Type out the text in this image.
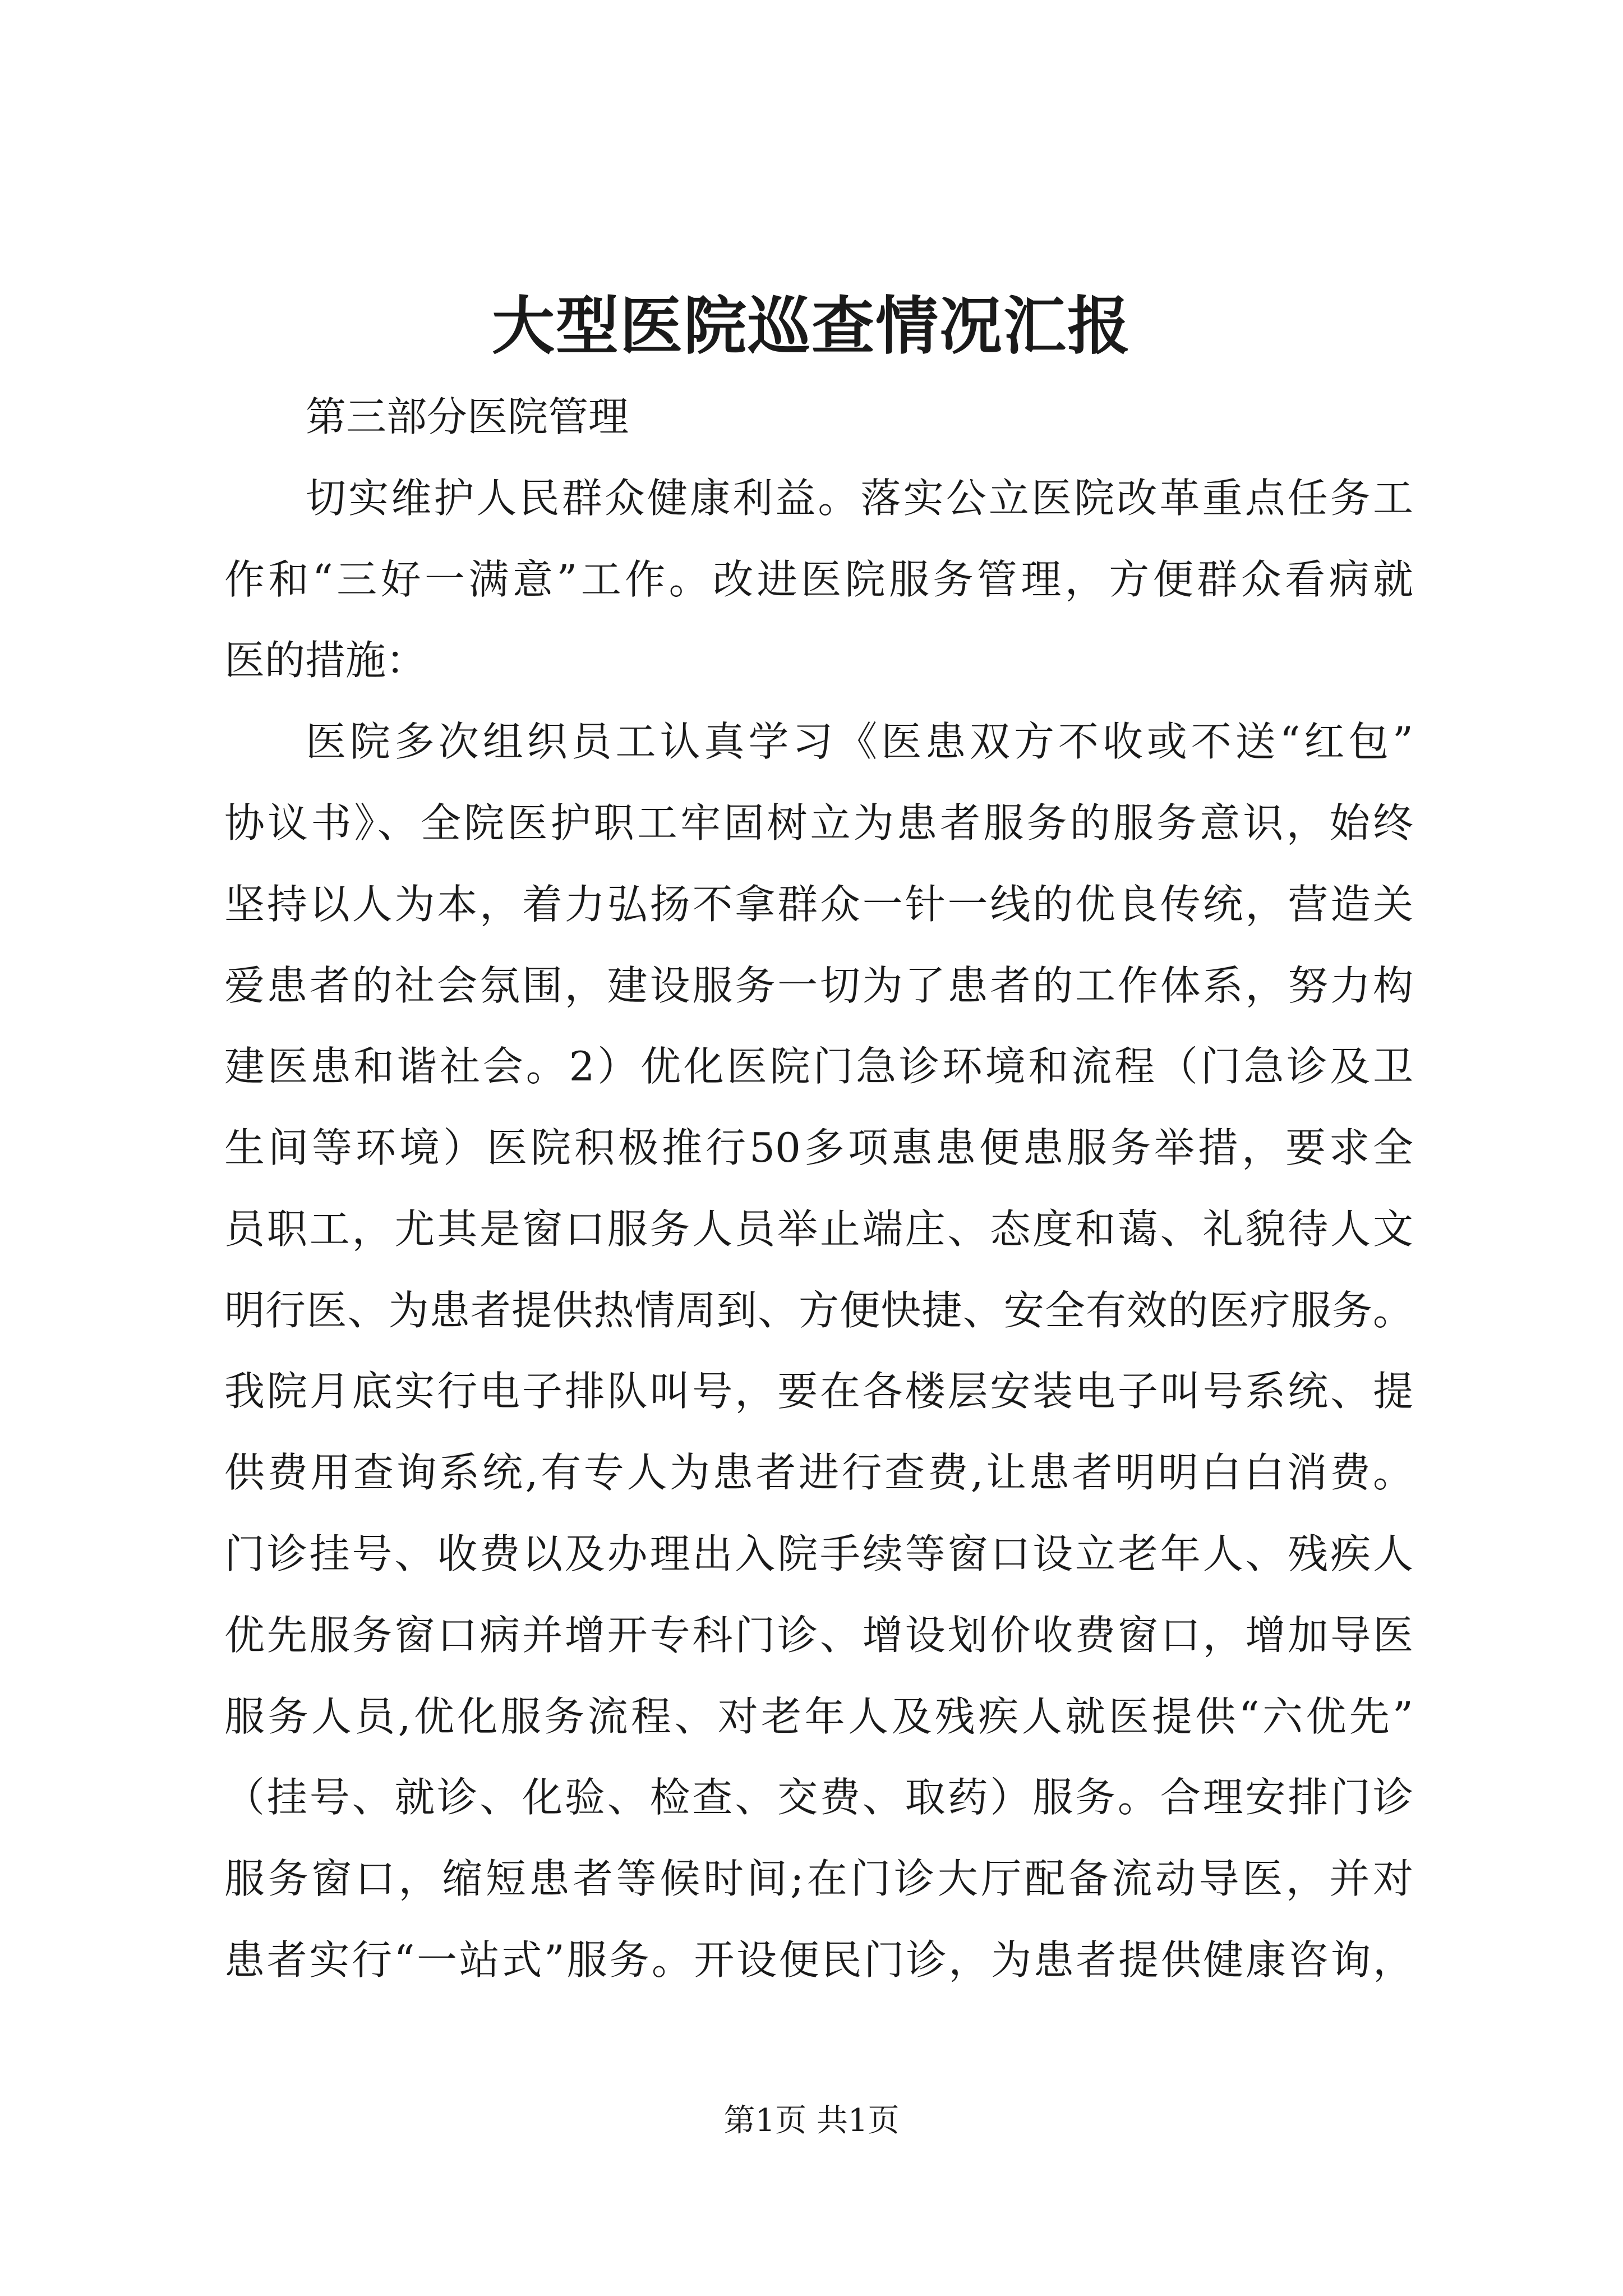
大型医院巡查情况汇报

第三部分医院管理

切实维护人民群众健康利益。落实公立医院改革重点任务工

作和“三好一满意”工作。改进医院服务管理，方便群众看病就

医的措施：

医院多次组织员工认真学习《医患双方不收或不送“红包”

协议书》、全院医护职工牢固树立为患者服务的服务意识，始终

坚持以人为本，着力弘扬不拿群众一针一线的优良传统，营造关

爱患者的社会氛围，建设服务一切为了患者的工作体系，努力构

建医患和谐社会。2）优化医院门急诊环境和流程（门急诊及卫

生间等环境）医院积极推行50多项惠患便患服务举措，要求全

员职工，尤其是窗口服务人员举止端庄、态度和蔼、礼貌待人文

明行医、为患者提供热情周到、方便快捷、安全有效的医疗服务。

我院月底实行电子排队叫号，要在各楼层安装电子叫号系统、提

供费用查询系统,有专人为患者进行查费,让患者明明白白消费。

门诊挂号、收费以及办理出入院手续等窗口设立老年人、残疾人

优先服务窗口病并增开专科门诊、增设划价收费窗口，增加导医

服务人员,优化服务流程、对老年人及残疾人就医提供“六优先”

（挂号、就诊、化验、检查、交费、取药）服务。合理安排门诊

服务窗口，缩短患者等候时间;在门诊大厅配备流动导医，并对

患者实行“一站式”服务。开设便民门诊，为患者提供健康咨询，

第1页 共1页
